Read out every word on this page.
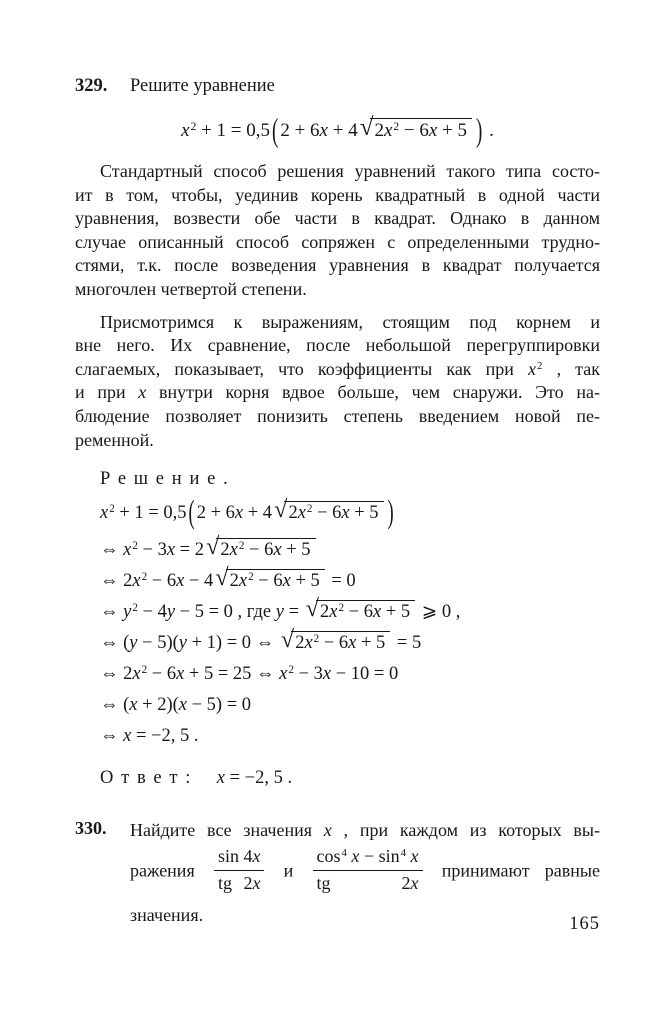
329.	Решите уравнение
$x^2 + 1 = 0,5$ ( 2 + 6x + 4 √ $2x^2 - 6x + 5$ ) .
Стандартный способ решения уравнений такого типа состо-
ит в том, чтобы, уединив корень квадратный в одной части
уравнения, возвести обе части в квадрат. Однако в данном
случае описанный способ сопряжен с определенными трудно-
стями, т.к. после возведения уравнения в квадрат получается
многочлен четвертой степени.
Присмотримся к выражениям, стоящим под корнем и
вне него. Их сравнение, после небольшой перегруппировки
слагаемых, показывает, что коэффициенты как при $x^2$ , так
и при x внутри корня вдвое больше, чем снаружи. Это на-
блюдение позволяет понизить степень введением новой пе-
ременной.
Решение.
$x^2 + 1 = 0,5$ ( 2 + 6x + 4 √ $2x^2 - 6x + 5$ )
⇔ $x^2 - 3x = 2$ √ $2x^2 - 6x + 5$
⇔ $2x^2 - 6x - 4$ √ $2x^2 - 6x + 5 = 0$
⇔ $y^2 - 4y - 5 = 0$ , где y = √ $2x^2 - 6x + 5$ ⩾ 0 ,
⇔ (y − 5)(y + 1) = 0 ⇔ √ $2x^2 - 6x + 5 = 5$
⇔ $2x^2 - 6x + 5 = 25$ ⇔ $x^2 - 3x - 10 = 0$
⇔ (x + 2)(x − 5) = 0
⇔ x = −2, 5 .
Ответ: x = −2, 5 .
330.	Найдите все значения x , при каждом из которых вы-
ражения $\frac{\sin 4x}{tg 2x}$ и $\frac{\cos^4 x - \sin^4 x}{tg 2x}$ принимают равные
значения.	165
